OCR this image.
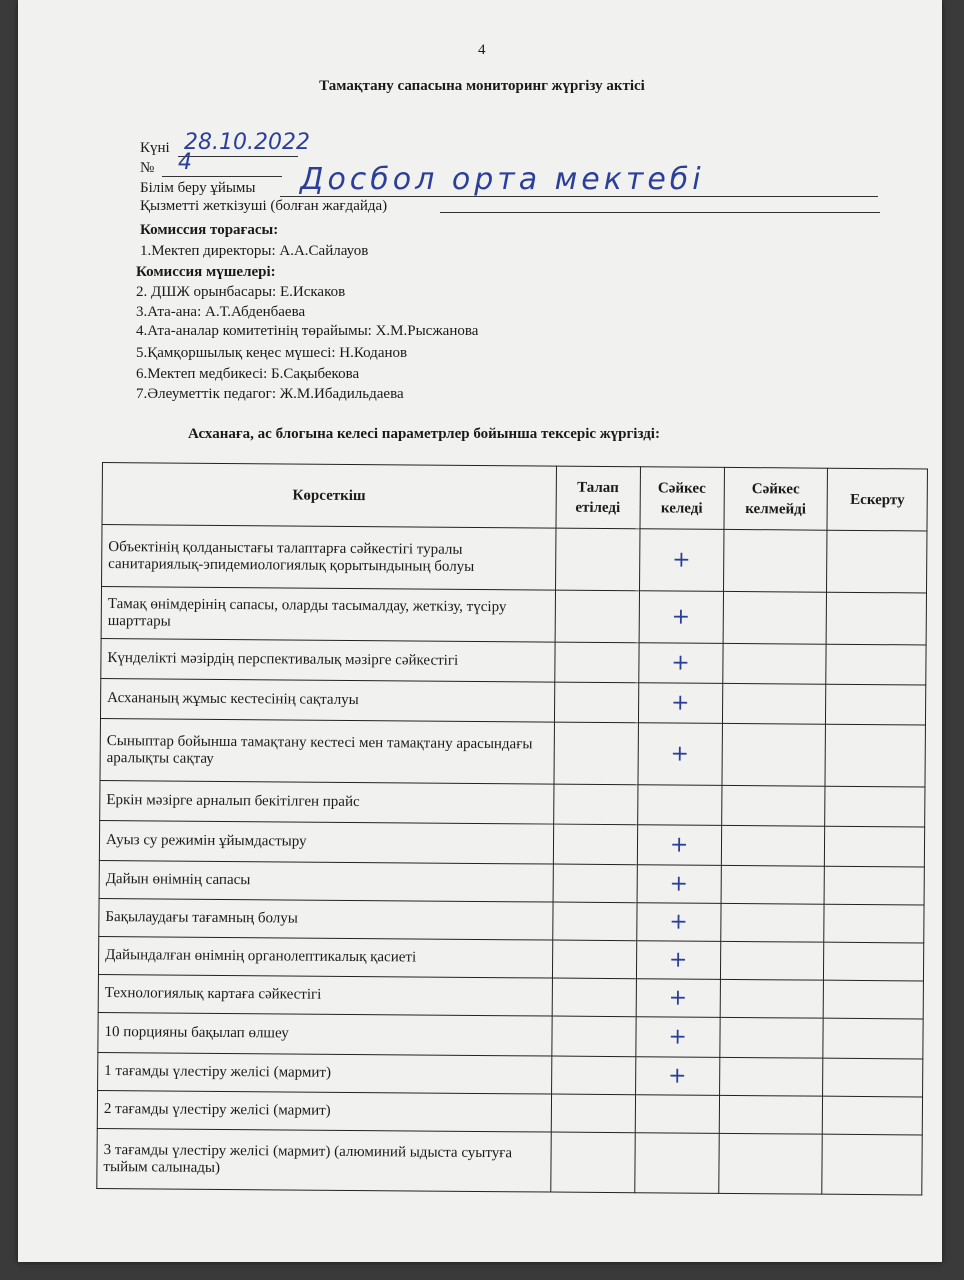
4
Тамақтану сапасына мониторинг жүргізу актісі
Күні 28.10.2022
№ 4
Білім беру ұйымы Досбол орта мектебі
Қызметті жеткізуші (болған жағдайда)
Комиссия торағасы:
1.Мектеп директоры: А.А.Сайлауов
Комиссия мүшелері:
2. ДШЖ орынбасары: Е.Искаков
3.Ата-ана: А.Т.Абденбаева
4.Ата-аналар комитетінің төрайымы: Х.М.Рысжанова
5.Қамқоршылық кеңес мүшесі: Н.Коданов
6.Мектеп медбикесі: Б.Сақыбекова
7.Әлеуметтік педагог: Ж.М.Ибадильдаева
Асханаға, ас блогына келесі параметрлер бойынша тексеріс жүргізді:
Көрсеткіш	Талап етіледі	Сәйкес келеді	Сәйкес келмейді	Ескерту
Объектінің қолданыстағы талаптарға сәйкестігі туралы санитариялық-эпидемиологиялық қорытындының болуы		+		
Тамақ өнімдерінің сапасы, оларды тасымалдау, жеткізу, түсіру шарттары		+		
Күнделікті мәзірдің перспективалық мәзірге сәйкестігі		+		
Асхананың жұмыс кестесінің сақталуы		+		
Сыныптар бойынша тамақтану кестесі мен тамақтану арасындағы аралықты сақтау		+		
Еркін мәзірге арналып бекітілген прайс				
Ауыз су режимін ұйымдастыру		+		
Дайын өнімнің сапасы		+		
Бақылаудағы тағамның болуы		+		
Дайындалған өнімнің органолептикалық қасиеті		+		
Технологиялық картаға сәйкестігі		+		
10 порцияны бақылап өлшеу		+		
1 тағамды үлестіру желісі (мармит)		+		
2 тағамды үлестіру желісі (мармит)				
3 тағамды үлестіру желісі (мармит) (алюминий ыдыста суытуға тыйым салынады)				
